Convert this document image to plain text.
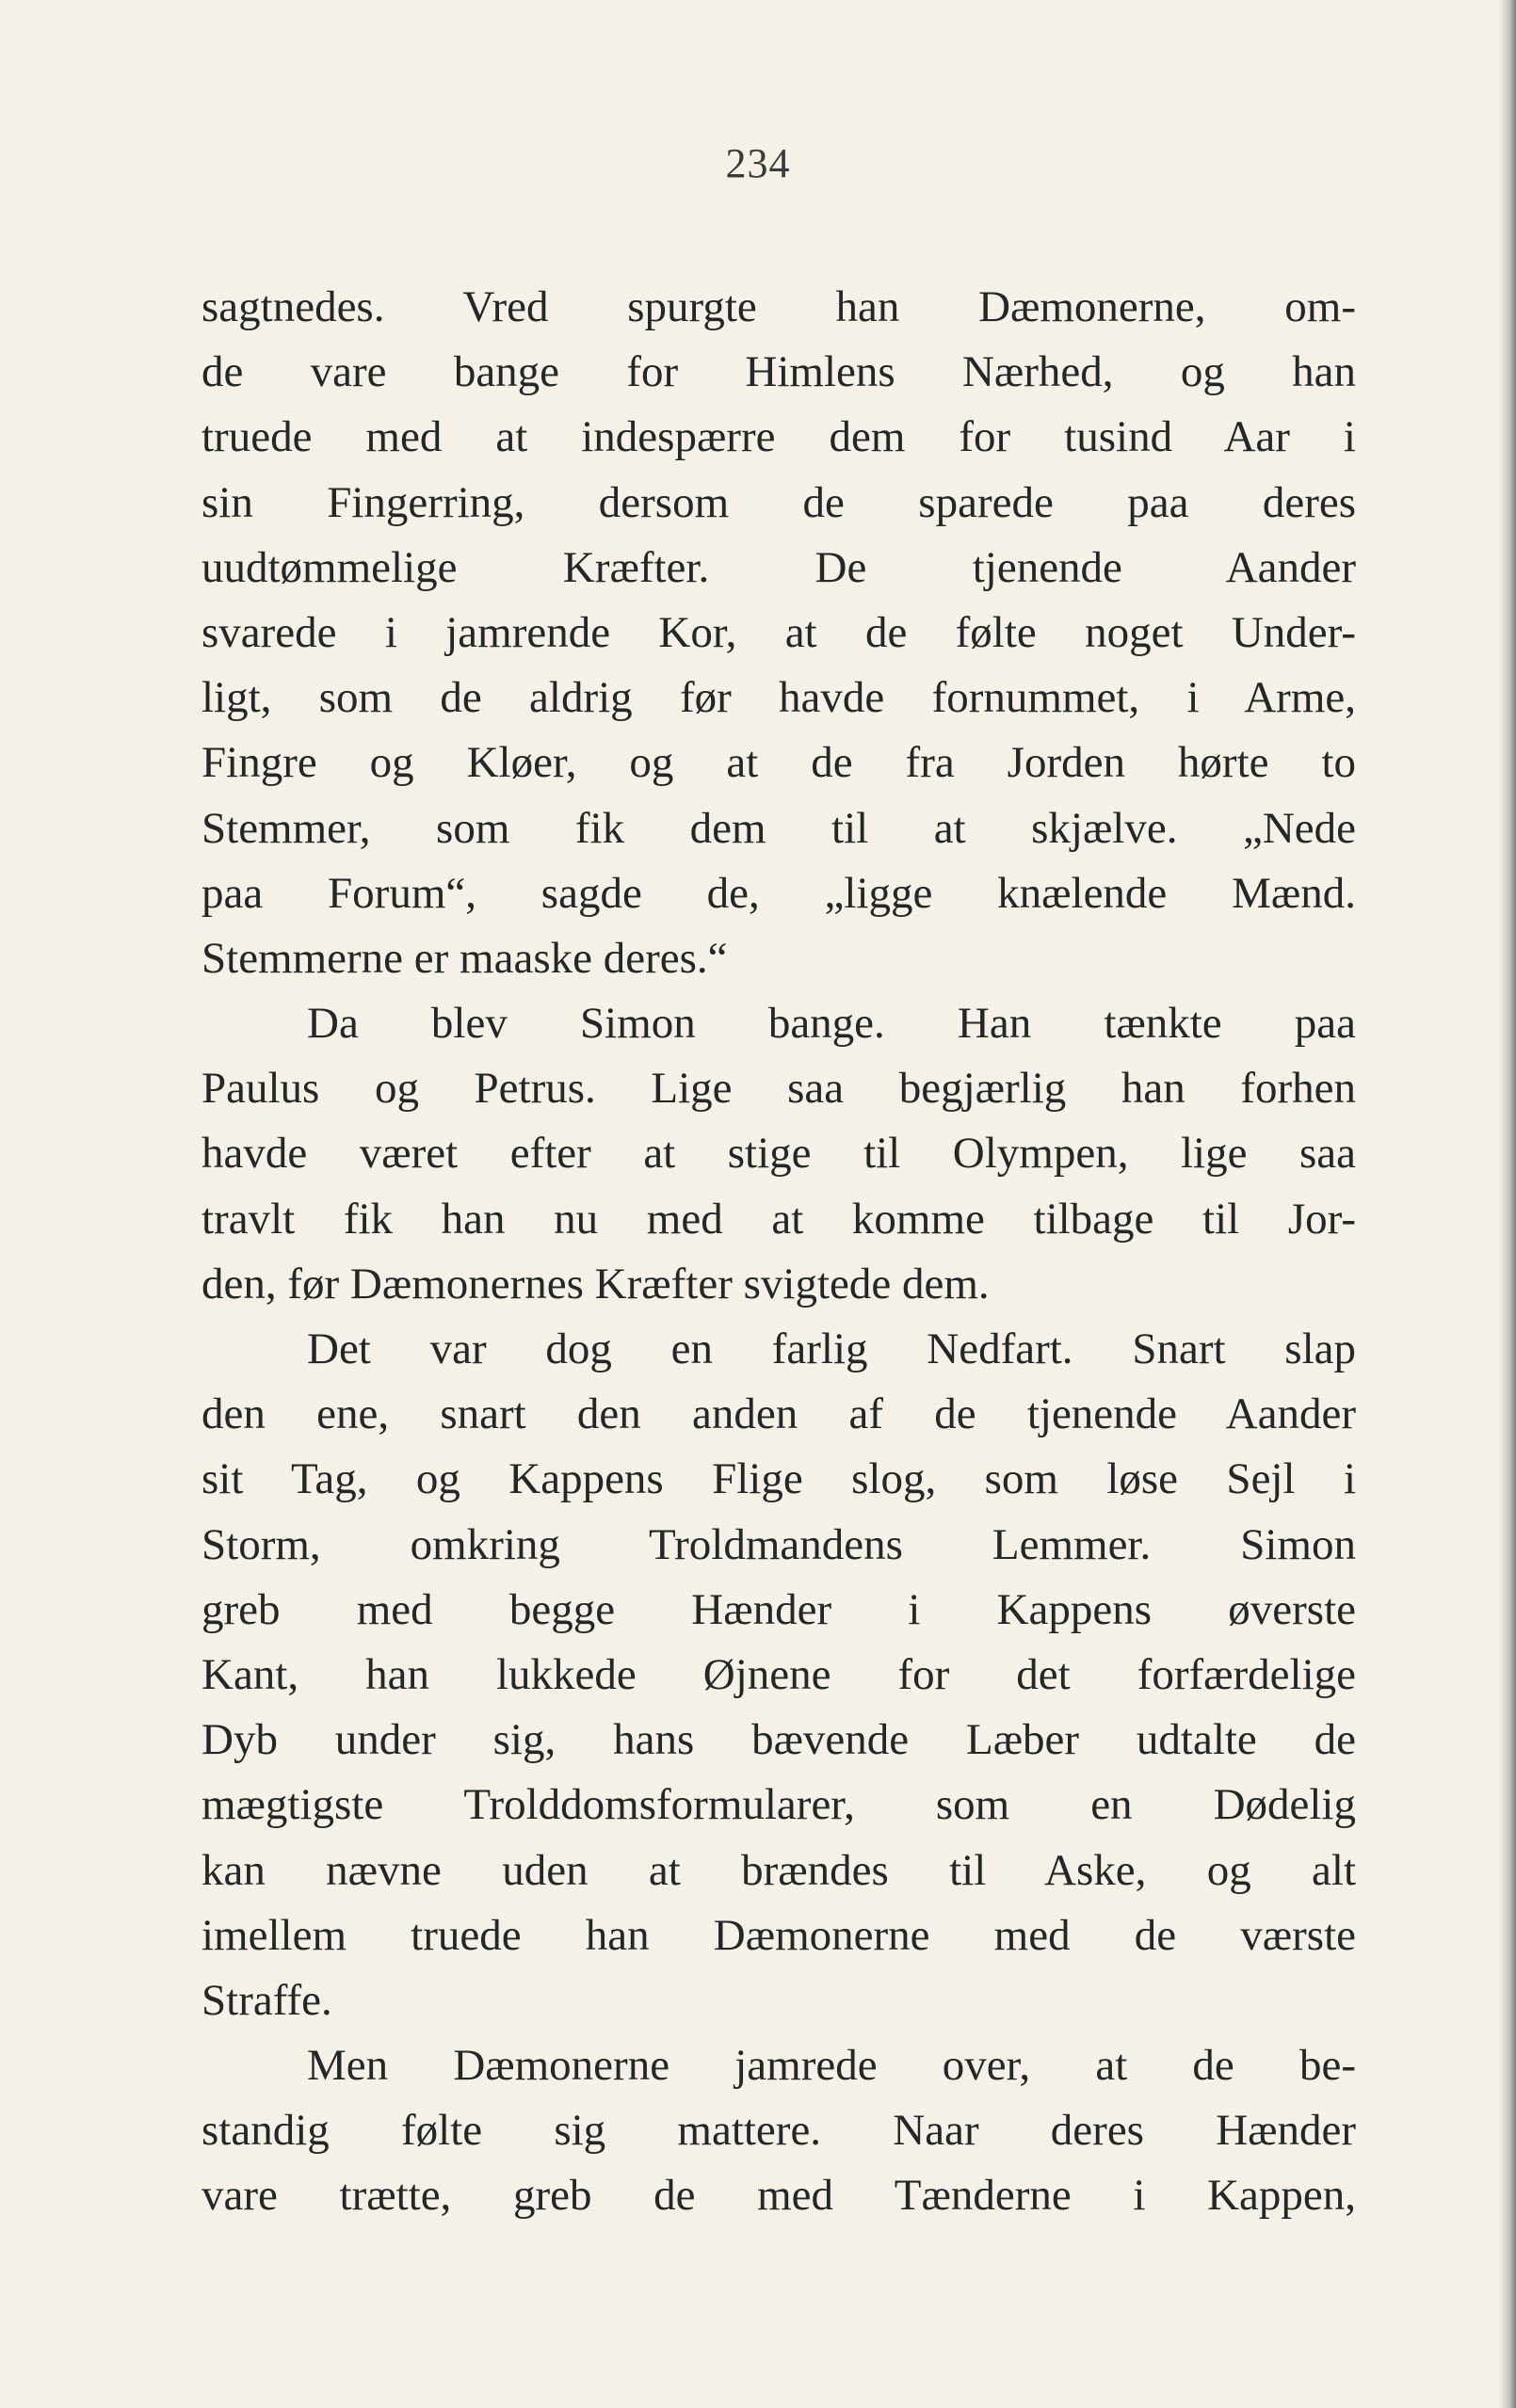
234
sagtnedes. Vred spurgte han Dæmonerne, om-
de vare bange for Himlens Nærhed, og han
truede med at indespærre dem for tusind Aar i
sin Fingerring, dersom de sparede paa deres
uudtømmelige Kræfter. De tjenende Aander
svarede i jamrende Kor, at de følte noget Under-
ligt, som de aldrig før havde fornummet, i Arme,
Fingre og Kløer, og at de fra Jorden hørte to
Stemmer, som fik dem til at skjælve. „Nede
paa Forum“, sagde de, „ligge knælende Mænd.
Stemmerne er maaske deres.“
Da blev Simon bange. Han tænkte paa
Paulus og Petrus. Lige saa begjærlig han forhen
havde været efter at stige til Olympen, lige saa
travlt fik han nu med at komme tilbage til Jor-
den, før Dæmonernes Kræfter svigtede dem.
Det var dog en farlig Nedfart. Snart slap
den ene, snart den anden af de tjenende Aander
sit Tag, og Kappens Flige slog, som løse Sejl i
Storm, omkring Troldmandens Lemmer. Simon
greb med begge Hænder i Kappens øverste
Kant, han lukkede Øjnene for det forfærdelige
Dyb under sig, hans bævende Læber udtalte de
mægtigste Trolddomsformularer, som en Dødelig
kan nævne uden at brændes til Aske, og alt
imellem truede han Dæmonerne med de værste
Straffe.
Men Dæmonerne jamrede over, at de be-
standig følte sig mattere. Naar deres Hænder
vare trætte, greb de med Tænderne i Kappen,
